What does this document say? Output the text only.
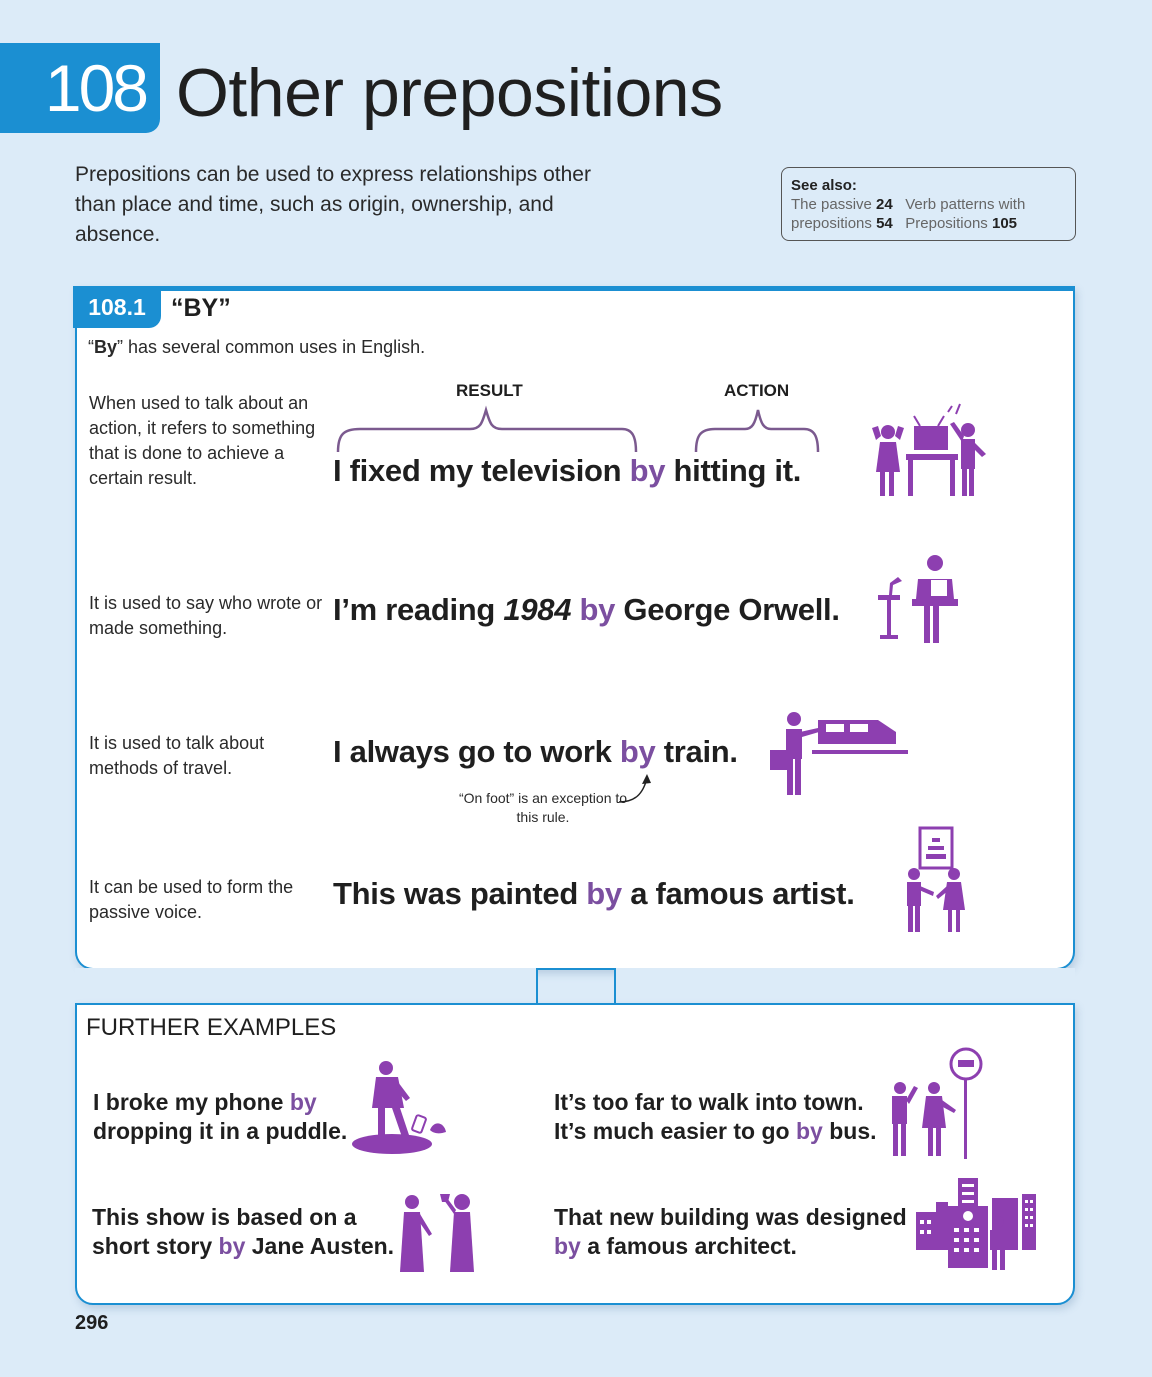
108 Other prepositions
Prepositions can be used to express relationships other than place and time, such as origin, ownership, and absence.
See also:
The passive 24 Verb patterns with prepositions 54 Prepositions 105
108.1	“BY”
“By” has several common uses in English.
When used to talk about an action, it refers to something that is done to achieve a certain result.
RESULT	ACTION
I fixed my television by hitting it.
It is used to say who wrote or made something.
I’m reading 1984 by George Orwell.
It is used to talk about methods of travel.	I always go to work by train.
“On foot” is an exception to this rule.
It can be used to form the passive voice.
This was painted by a famous artist.
FURTHER EXAMPLES
I broke my phone by
dropping it in a puddle.
It’s too far to walk into town.
It’s much easier to go by bus.
This show is based on a
short story by Jane Austen.
That new building was designed
by a famous architect.
296
